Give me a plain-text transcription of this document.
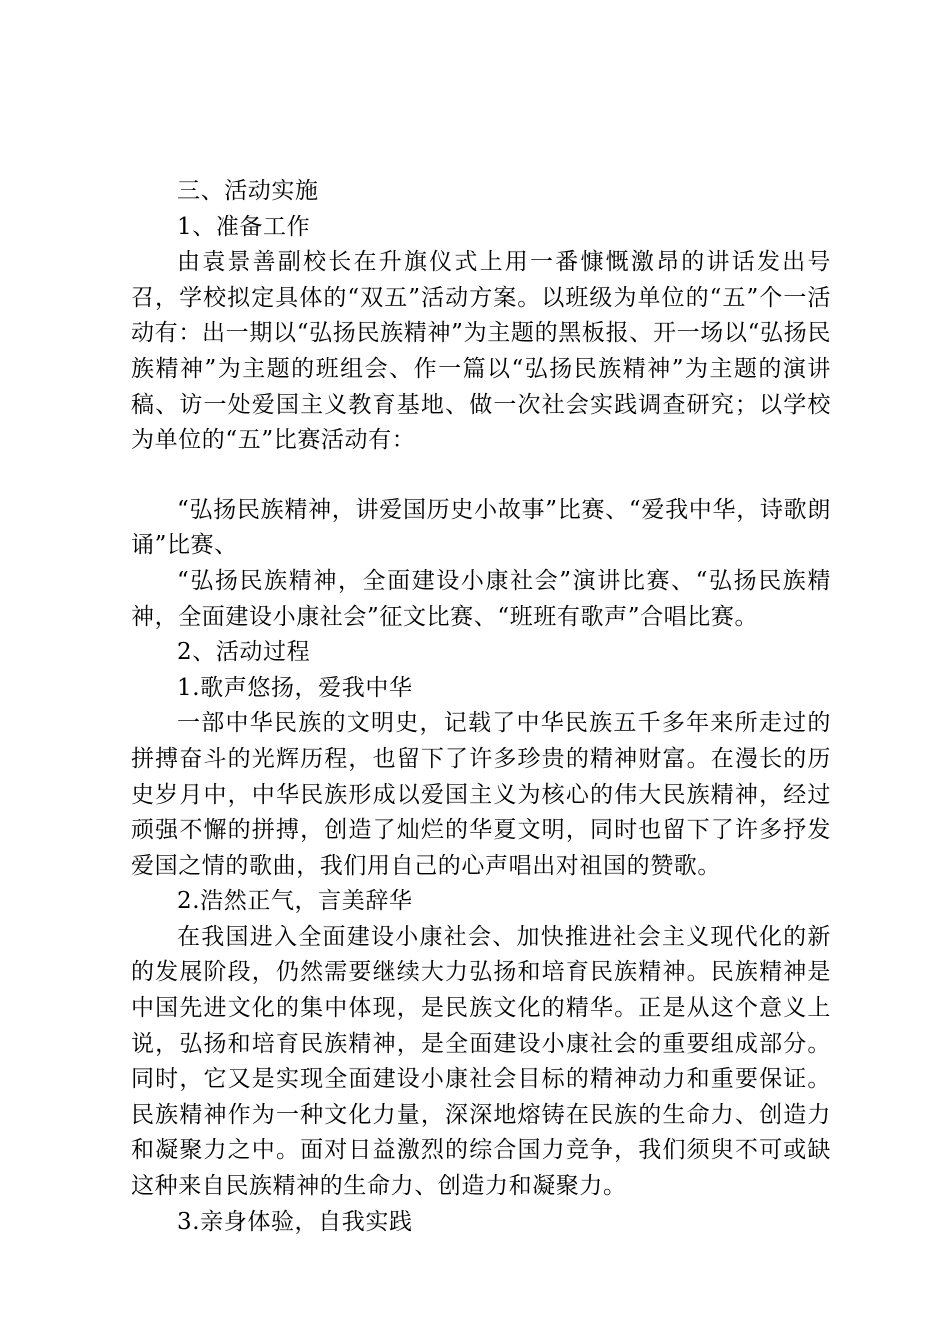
三、活动实施
1、准备工作

由袁景善副校长在升旗仪式上用一番慷慨激昂的讲话发出号召，学校拟定具体的“双五”活动方案。以班级为单位的“五”个一活动有：出一期以“弘扬民族精神”为主题的黑板报、开一场以“弘扬民族精神”为主题的班组会、作一篇以“弘扬民族精神”为主题的演讲稿、访一处爱国主义教育基地、做一次社会实践调查研究；以学校为单位的“五”比赛活动有：

“弘扬民族精神，讲爱国历史小故事”比赛、“爱我中华，诗歌朗诵”比赛、

“弘扬民族精神，全面建设小康社会”演讲比赛、“弘扬民族精神，全面建设小康社会”征文比赛、“班班有歌声”合唱比赛。

2、活动过程
1.歌声悠扬，爱我中华

一部中华民族的文明史，记载了中华民族五千多年来所走过的拼搏奋斗的光辉历程，也留下了许多珍贵的精神财富。在漫长的历史岁月中，中华民族形成以爱国主义为核心的伟大民族精神，经过顽强不懈的拼搏，创造了灿烂的华夏文明，同时也留下了许多抒发爱国之情的歌曲，我们用自己的心声唱出对祖国的赞歌。

2.浩然正气，言美辞华

在我国进入全面建设小康社会、加快推进社会主义现代化的新的发展阶段，仍然需要继续大力弘扬和培育民族精神。民族精神是中国先进文化的集中体现，是民族文化的精华。正是从这个意义上说，弘扬和培育民族精神，是全面建设小康社会的重要组成部分。同时，它又是实现全面建设小康社会目标的精神动力和重要保证。民族精神作为一种文化力量，深深地熔铸在民族的生命力、创造力和凝聚力之中。面对日益激烈的综合国力竞争，我们须臾不可或缺这种来自民族精神的生命力、创造力和凝聚力。

3.亲身体验，自我实践
